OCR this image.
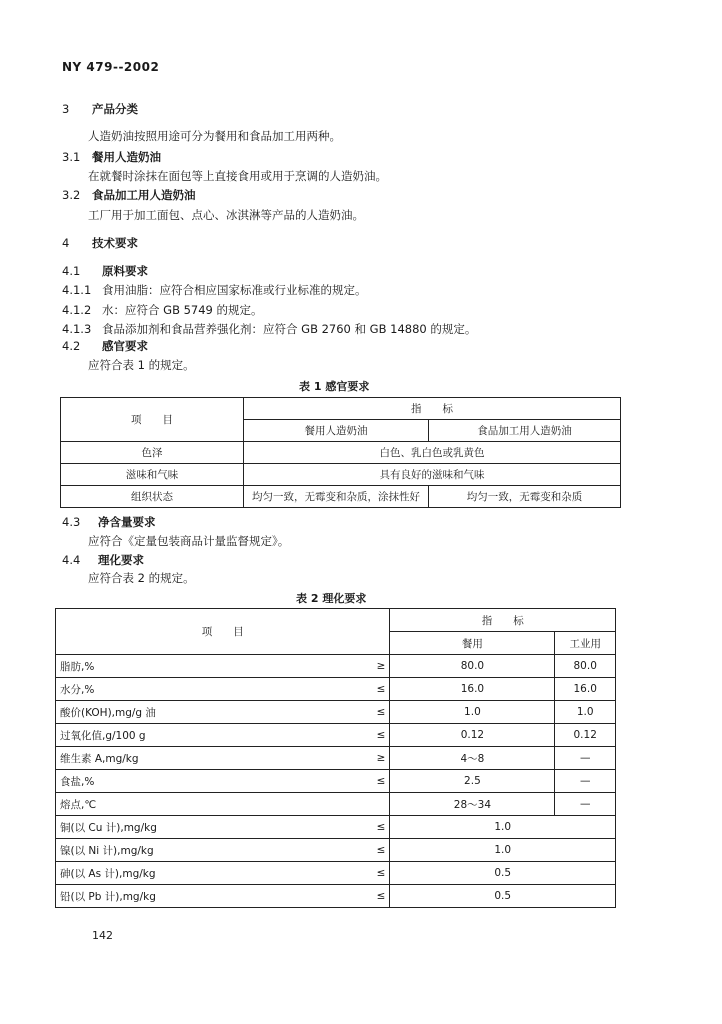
NY 479--2002
3 产品分类
人造奶油按照用途可分为餐用和食品加工用两种。
3.1 餐用人造奶油
在就餐时涂抹在面包等上直接食用或用于烹调的人造奶油。
3.2 食品加工用人造奶油
工厂用于加工面包、点心、冰淇淋等产品的人造奶油。
4 技术要求
4.1 原料要求
4.1.1 食用油脂：应符合相应国家标准或行业标准的规定。
4.1.2 水：应符合 GB 5749 的规定。
4.1.3 食品添加剂和食品营养强化剂：应符合 GB 2760 和 GB 14880 的规定。
4.2 感官要求
应符合表 1 的规定。
表 1 感官要求
项　　目	指　　标	
	餐用人造奶油	食品加工用人造奶油
色泽	白色、乳白色或乳黄色	
滋味和气味	具有良好的滋味和气味	
组织状态	均匀一致，无霉变和杂质，涂抹性好	均匀一致，无霉变和杂质
4.3 净含量要求
应符合《定量包装商品计量监督规定》。
4.4 理化要求
应符合表 2 的规定。
表 2 理化要求
项　　目		指　　标	
		餐用	工业用
脂肪,%	≥	80.0	80.0
水分,%	≤	16.0	16.0
酸价(KOH),mg/g 油	≤	1.0	1.0
过氧化值,g/100 g	≤	0.12	0.12
维生素 A,mg/kg	≥	4～8	—
食盐,%	≤	2.5	—
熔点,℃		28～34	—
铜(以 Cu 计),mg/kg	≤	1.0	
镍(以 Ni 计),mg/kg	≤	1.0	
砷(以 As 计),mg/kg	≤	0.5	
铅(以 Pb 计),mg/kg	≤	0.5	
142
